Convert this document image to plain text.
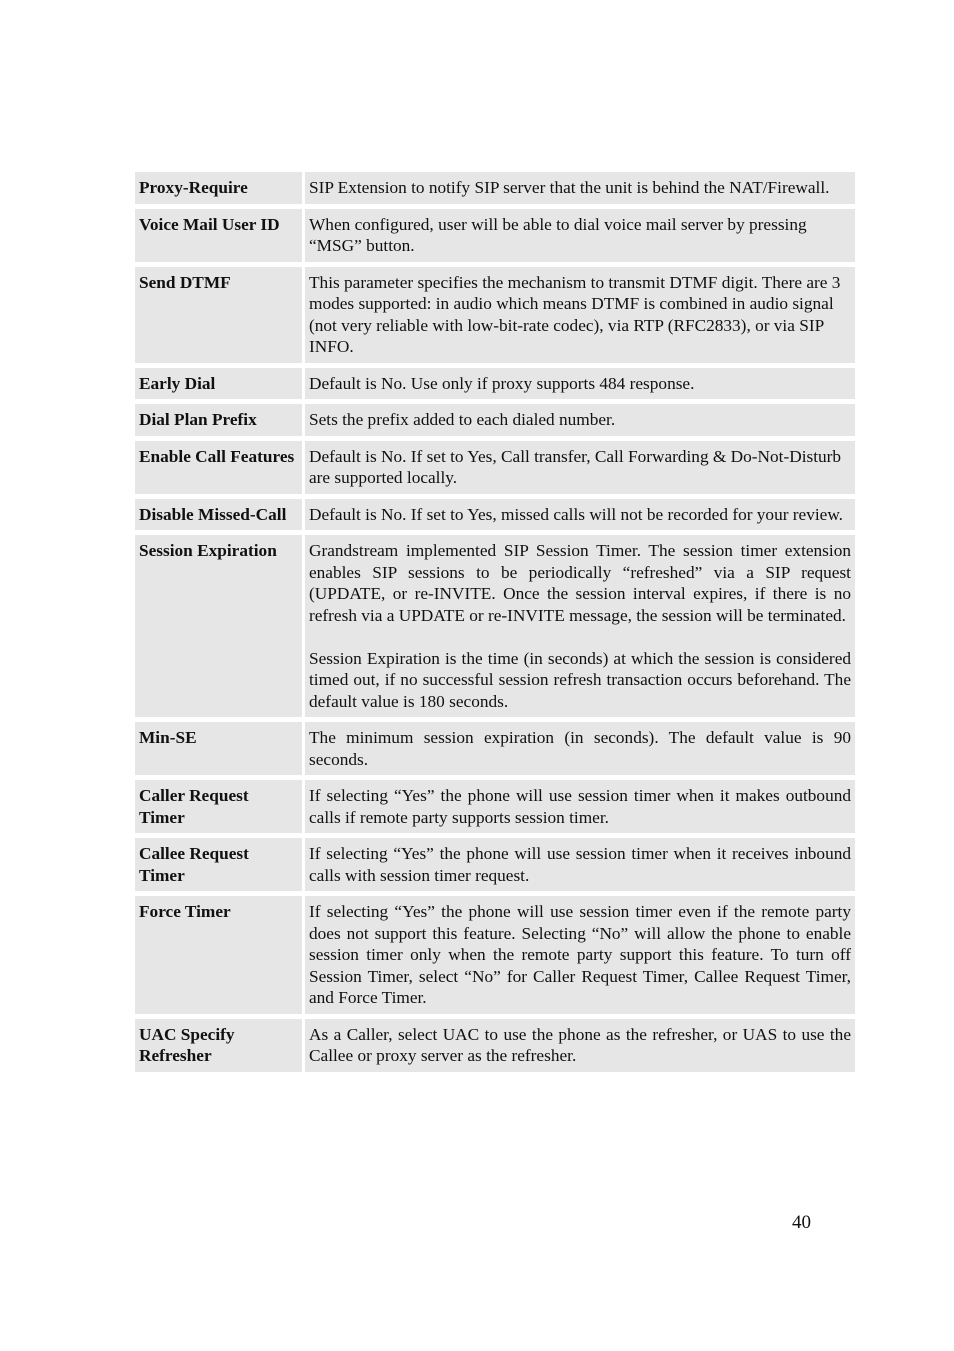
Proxy-Require	SIP Extension to notify SIP server that the unit is behind the NAT/Firewall.

Voice Mail User ID	When configured, user will be able to dial voice mail server by pressing “MSG” button.

Send DTMF	This parameter specifies the mechanism to transmit DTMF digit. There are 3 modes supported: in audio which means DTMF is combined in audio signal (not very reliable with low-bit-rate codec), via RTP (RFC2833), or via SIP INFO.

Early Dial	Default is No. Use only if proxy supports 484 response.

Dial Plan Prefix	Sets the prefix added to each dialed number.

Enable Call Features	Default is No. If set to Yes, Call transfer, Call Forwarding & Do-Not-Disturb are supported locally.

Disable Missed-Call	Default is No. If set to Yes, missed calls will not be recorded for your review.

Session Expiration	Grandstream implemented SIP Session Timer. The session timer extension enables SIP sessions to be periodically “refreshed” via a SIP request (UPDATE, or re-INVITE. Once the session interval expires, if there is no refresh via a UPDATE or re-INVITE message, the session will be terminated.

Session Expiration is the time (in seconds) at which the session is considered timed out, if no successful session refresh transaction occurs beforehand. The default value is 180 seconds.

Min-SE	The minimum session expiration (in seconds). The default value is 90 seconds.

Caller Request Timer	If selecting “Yes” the phone will use session timer when it makes outbound calls if remote party supports session timer.

Callee Request Timer	If selecting “Yes” the phone will use session timer when it receives inbound calls with session timer request.

Force Timer	If selecting “Yes” the phone will use session timer even if the remote party does not support this feature. Selecting “No” will allow the phone to enable session timer only when the remote party support this feature. To turn off Session Timer, select “No” for Caller Request Timer, Callee Request Timer, and Force Timer.

UAC Specify Refresher	As a Caller, select UAC to use the phone as the refresher, or UAS to use the Callee or proxy server as the refresher.

40
